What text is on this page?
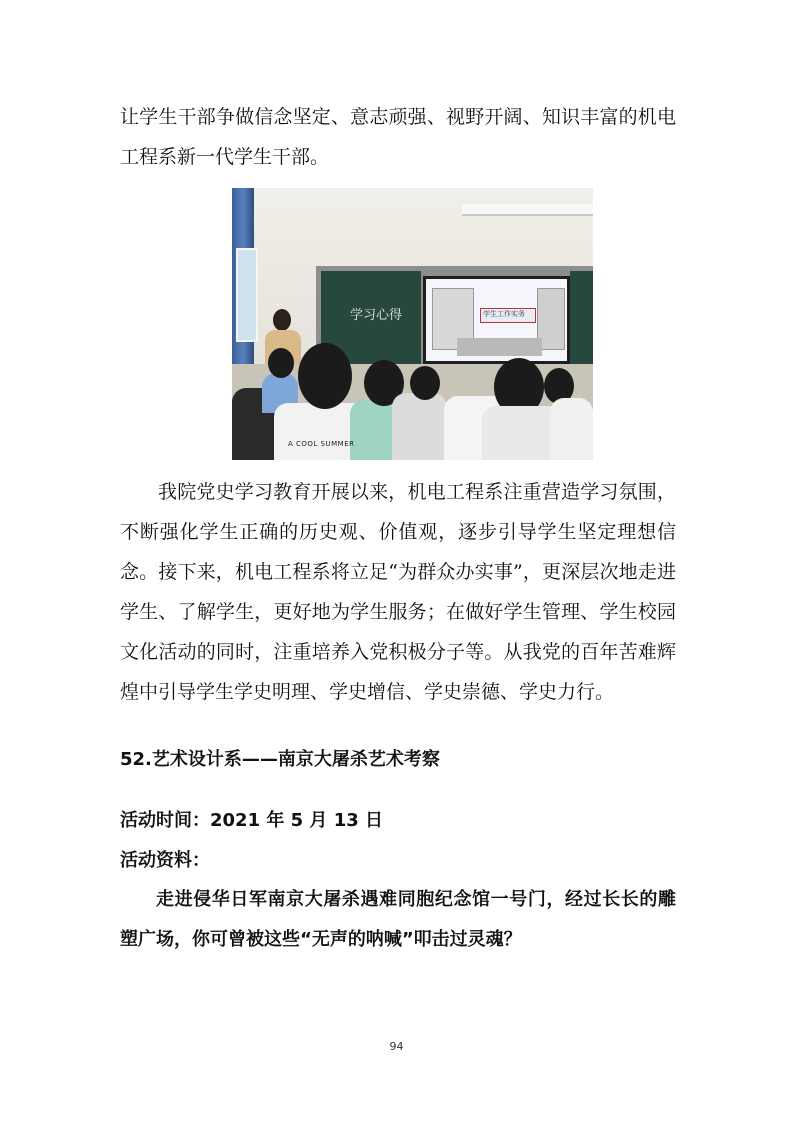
让学生干部争做信念坚定、意志顽强、视野开阔、知识丰富的机电工程系新一代学生干部。

学习心得	学生工作实务
A COOL SUMMER

我院党史学习教育开展以来，机电工程系注重营造学习氛围，不断强化学生正确的历史观、价值观，逐步引导学生坚定理想信念。接下来，机电工程系将立足“为群众办实事”，更深层次地走进学生、了解学生，更好地为学生服务；在做好学生管理、学生校园文化活动的同时，注重培养入党积极分子等。从我党的百年苦难辉煌中引导学生学史明理、学史增信、学史崇德、学史力行。

52.艺术设计系——南京大屠杀艺术考察
活动时间：2021 年 5 月 13 日
活动资料：

走进侵华日军南京大屠杀遇难同胞纪念馆一号门，经过长长的雕塑广场，你可曾被这些“无声的呐喊”叩击过灵魂？

94
